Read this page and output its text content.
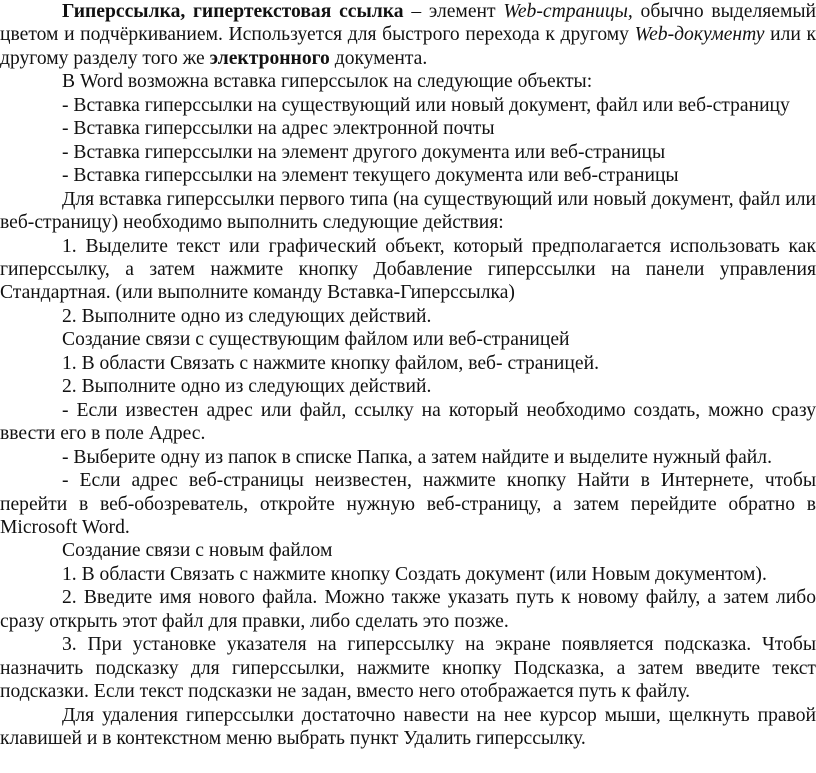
Гиперссылка, гипертекстовая ссылка – элемент Web-страницы, обычно выделяемый цветом и подчёркиванием. Используется для быстрого перехода к другому Web-документу или к другому разделу того же электронного документа.

В Word возможна вставка гиперссылок на следующие объекты:

- Вставка гиперссылки на существующий или новый документ, файл или веб-страницу

- Вставка гиперссылки на адрес электронной почты

- Вставка гиперссылки на элемент другого документа или веб-страницы

- Вставка гиперссылки на элемент текущего документа или веб-страницы

Для вставка гиперссылки первого типа (на существующий или новый документ, файл или веб-страницу) необходимо выполнить следующие действия:

1. Выделите текст или графический объект, который предполагается использовать как гиперссылку, а затем нажмите кнопку Добавление гиперссылки на панели управления Стандартная. (или выполните команду Вставка-Гиперссылка)

2. Выполните одно из следующих действий.

Создание связи с существующим файлом или веб-страницей

1. В области Связать с нажмите кнопку файлом, веб- страницей.

2. Выполните одно из следующих действий.

- Если известен адрес или файл, ссылку на который необходимо создать, можно сразу ввести его в поле Адрес.

- Выберите одну из папок в списке Папка, а затем найдите и выделите нужный файл.

- Если адрес веб-страницы неизвестен, нажмите кнопку Найти в Интернете, чтобы перейти в веб-обозреватель, откройте нужную веб-страницу, а затем перейдите обратно в Microsoft Word.

Создание связи с новым файлом

1. В области Связать с нажмите кнопку Создать документ (или Новым документом).

2. Введите имя нового файла. Можно также указать путь к новому файлу, а затем либо сразу открыть этот файл для правки, либо сделать это позже.

3. При установке указателя на гиперссылку на экране появляется подсказка. Чтобы назначить подсказку для гиперссылки, нажмите кнопку Подсказка, а затем введите текст подсказки. Если текст подсказки не задан, вместо него отображается путь к файлу.

Для удаления гиперссылки достаточно навести на нее курсор мыши, щелкнуть правой клавишей и в контекстном меню выбрать пункт Удалить гиперссылку.
